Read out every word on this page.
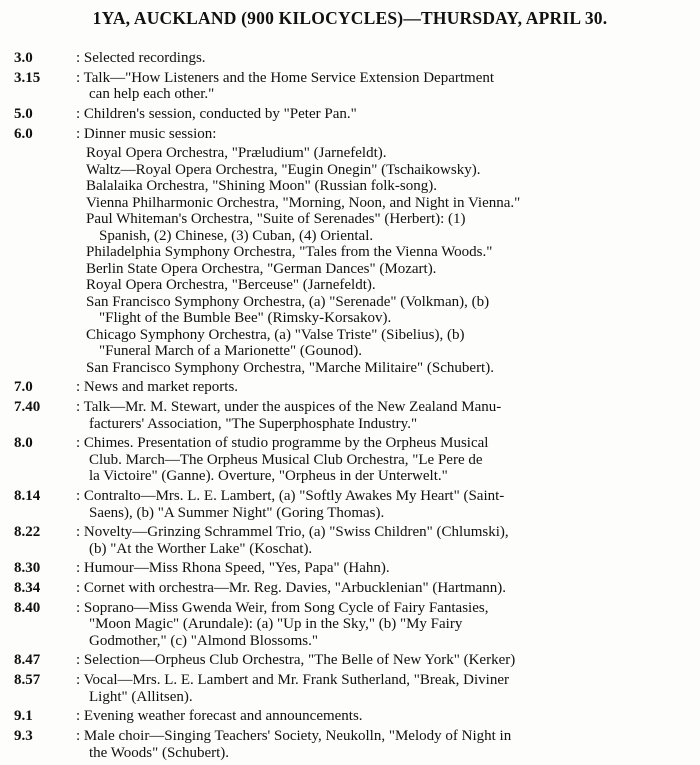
1YA, AUCKLAND (900 KILOCYCLES)—THURSDAY, APRIL 30.
3.0	: Selected recordings.
3.15	: Talk—"How Listeners and the Home Service Extension Department
can help each other."
5.0	: Children's session, conducted by "Peter Pan."
6.0	: Dinner music session:
Royal Opera Orchestra, "Præludium" (Jarnefeldt).
Waltz—Royal Opera Orchestra, "Eugin Onegin" (Tschaikowsky).
Balalaika Orchestra, "Shining Moon" (Russian folk-song).
Vienna Philharmonic Orchestra, "Morning, Noon, and Night in Vienna."
Paul Whiteman's Orchestra, "Suite of Serenades" (Herbert): (1)
Spanish, (2) Chinese, (3) Cuban, (4) Oriental.
Philadelphia Symphony Orchestra, "Tales from the Vienna Woods."
Berlin State Opera Orchestra, "German Dances" (Mozart).
Royal Opera Orchestra, "Berceuse" (Jarnefeldt).
San Francisco Symphony Orchestra, (a) "Serenade" (Volkman), (b)
"Flight of the Bumble Bee" (Rimsky-Korsakov).
Chicago Symphony Orchestra, (a) "Valse Triste" (Sibelius), (b)
"Funeral March of a Marionette" (Gounod).
San Francisco Symphony Orchestra, "Marche Militaire" (Schubert).
7.0	: News and market reports.
7.40	: Talk—Mr. M. Stewart, under the auspices of the New Zealand Manu-
facturers' Association, "The Superphosphate Industry."
8.0	: Chimes. Presentation of studio programme by the Orpheus Musical
Club. March—The Orpheus Musical Club Orchestra, "Le Pere de
la Victoire" (Ganne). Overture, "Orpheus in der Unterwelt."
8.14	: Contralto—Mrs. L. E. Lambert, (a) "Softly Awakes My Heart" (Saint-
Saens), (b) "A Summer Night" (Goring Thomas).
8.22	: Novelty—Grinzing Schrammel Trio, (a) "Swiss Children" (Chlumski),
(b) "At the Worther Lake" (Koschat).
8.30	: Humour—Miss Rhona Speed, "Yes, Papa" (Hahn).
8.34	: Cornet with orchestra—Mr. Reg. Davies, "Arbucklenian" (Hartmann).
8.40	: Soprano—Miss Gwenda Weir, from Song Cycle of Fairy Fantasies,
"Moon Magic" (Arundale): (a) "Up in the Sky," (b) "My Fairy
Godmother," (c) "Almond Blossoms."
8.47	: Selection—Orpheus Club Orchestra, "The Belle of New York" (Kerker)
8.57	: Vocal—Mrs. L. E. Lambert and Mr. Frank Sutherland, "Break, Diviner
Light" (Allitsen).
9.1	: Evening weather forecast and announcements.
9.3	: Male choir—Singing Teachers' Society, Neukolln, "Melody of Night in
the Woods" (Schubert).
